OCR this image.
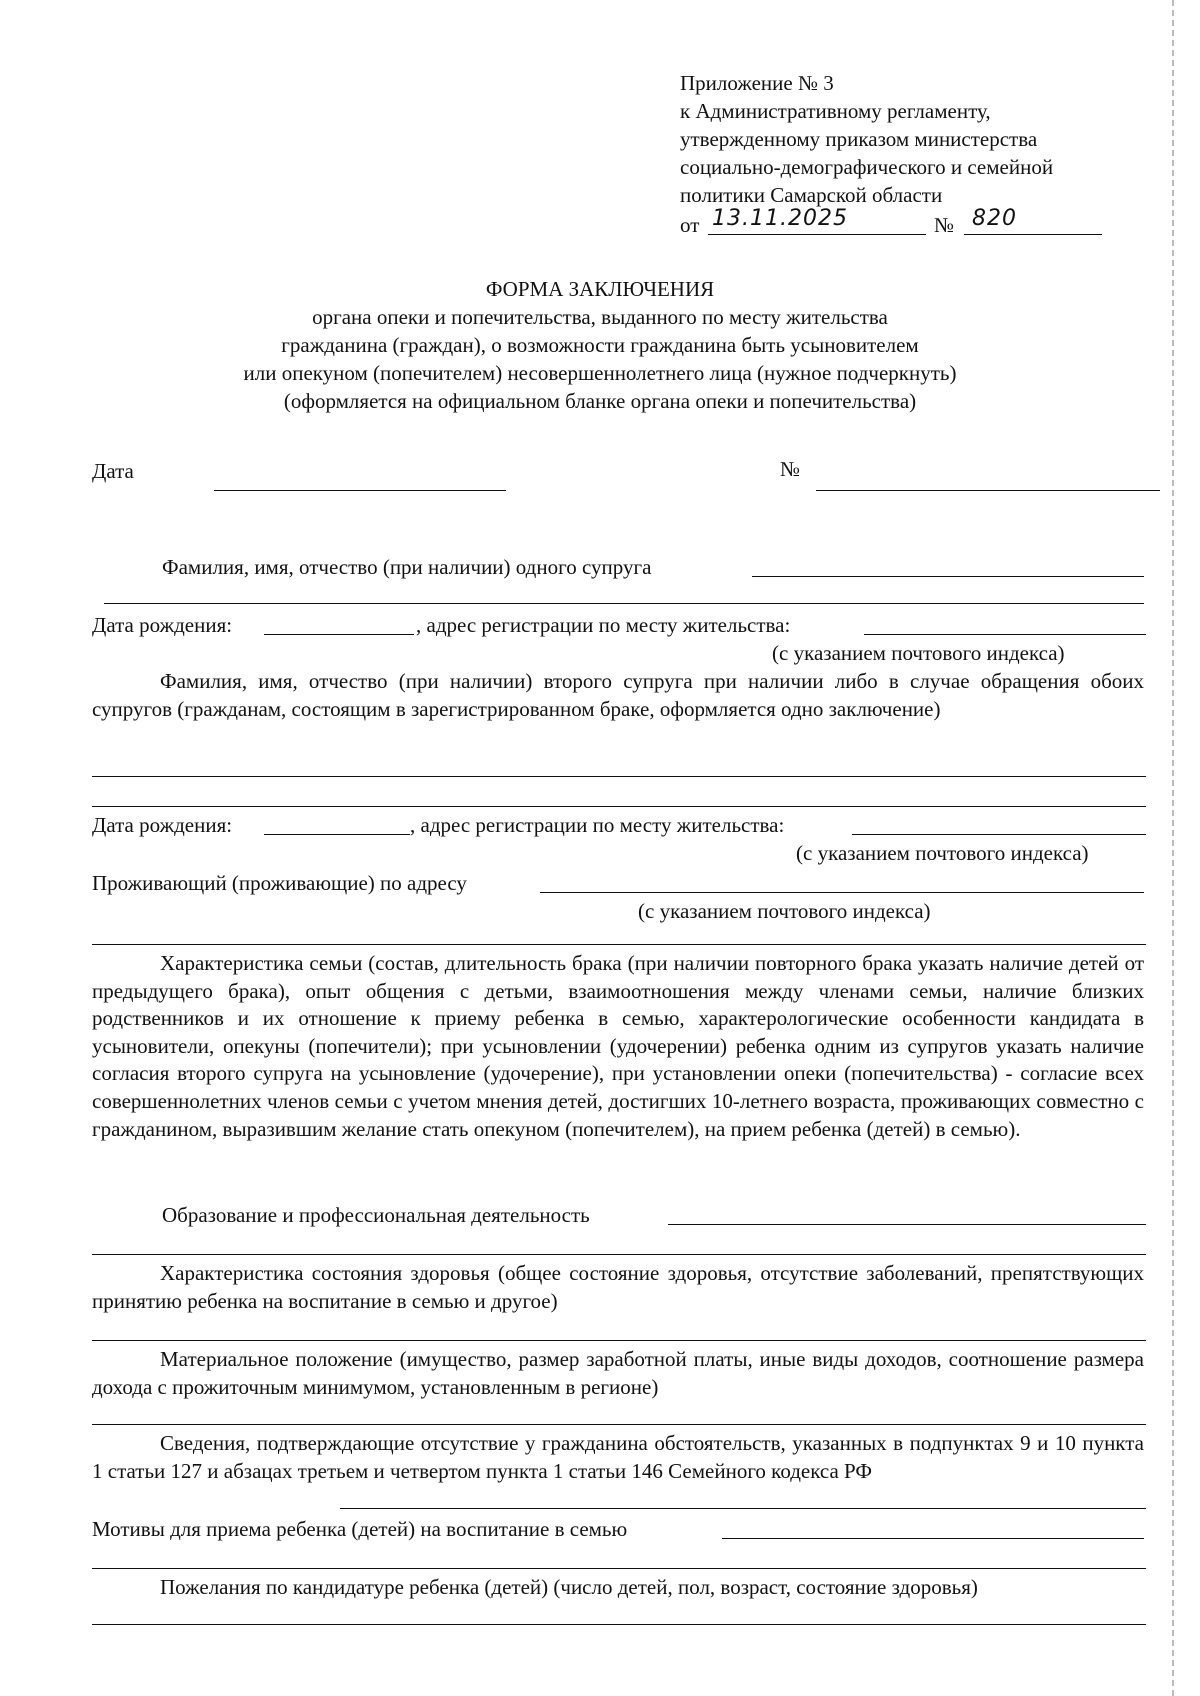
Приложение № 3
к Административному регламенту,
утвержденному приказом министерства
социально-демографического и семейной
политики Самарской области
от 13.11.2025	№ 820
ФОРМА ЗАКЛЮЧЕНИЯ
органа опеки и попечительства, выданного по месту жительства
гражданина (граждан), о возможности гражданина быть усыновителем
или опекуном (попечителем) несовершеннолетнего лица (нужное подчеркнуть)
(оформляется на официальном бланке органа опеки и попечительства)
Дата	№
Фамилия, имя, отчество (при наличии) одного супруга
Дата рождения:	, адрес регистрации по месту жительства:
(с указанием почтового индекса)
Фамилия, имя, отчество (при наличии) второго супруга при наличии либо в случае обращения обоих супругов (гражданам, состоящим в зарегистрированном браке, оформляется одно заключение)
Дата рождения:	, адрес регистрации по месту жительства:
(с указанием почтового индекса)
Проживающий (проживающие) по адресу
(с указанием почтового индекса)
Характеристика семьи (состав, длительность брака (при наличии повторного брака указать наличие детей от предыдущего брака), опыт общения с детьми, взаимоотношения между членами семьи, наличие близких родственников и их отношение к приему ребенка в семью, характерологические особенности кандидата в усыновители, опекуны (попечители); при усыновлении (удочерении) ребенка одним из супругов указать наличие согласия второго супруга на усыновление (удочерение), при установлении опеки (попечительства) - согласие всех совершеннолетних членов семьи с учетом мнения детей, достигших 10-летнего возраста, проживающих совместно с гражданином, выразившим желание стать опекуном (попечителем), на прием ребенка (детей) в семью).
Образование и профессиональная деятельность
Характеристика состояния здоровья (общее состояние здоровья, отсутствие заболеваний, препятствующих принятию ребенка на воспитание в семью и другое)
Материальное положение (имущество, размер заработной платы, иные виды доходов, соотношение размера дохода с прожиточным минимумом, установленным в регионе)
Сведения, подтверждающие отсутствие у гражданина обстоятельств, указанных в подпунктах 9 и 10 пункта 1 статьи 127 и абзацах третьем и четвертом пункта 1 статьи 146 Семейного кодекса РФ
Мотивы для приема ребенка (детей) на воспитание в семью
Пожелания по кандидатуре ребенка (детей) (число детей, пол, возраст, состояние здоровья)
